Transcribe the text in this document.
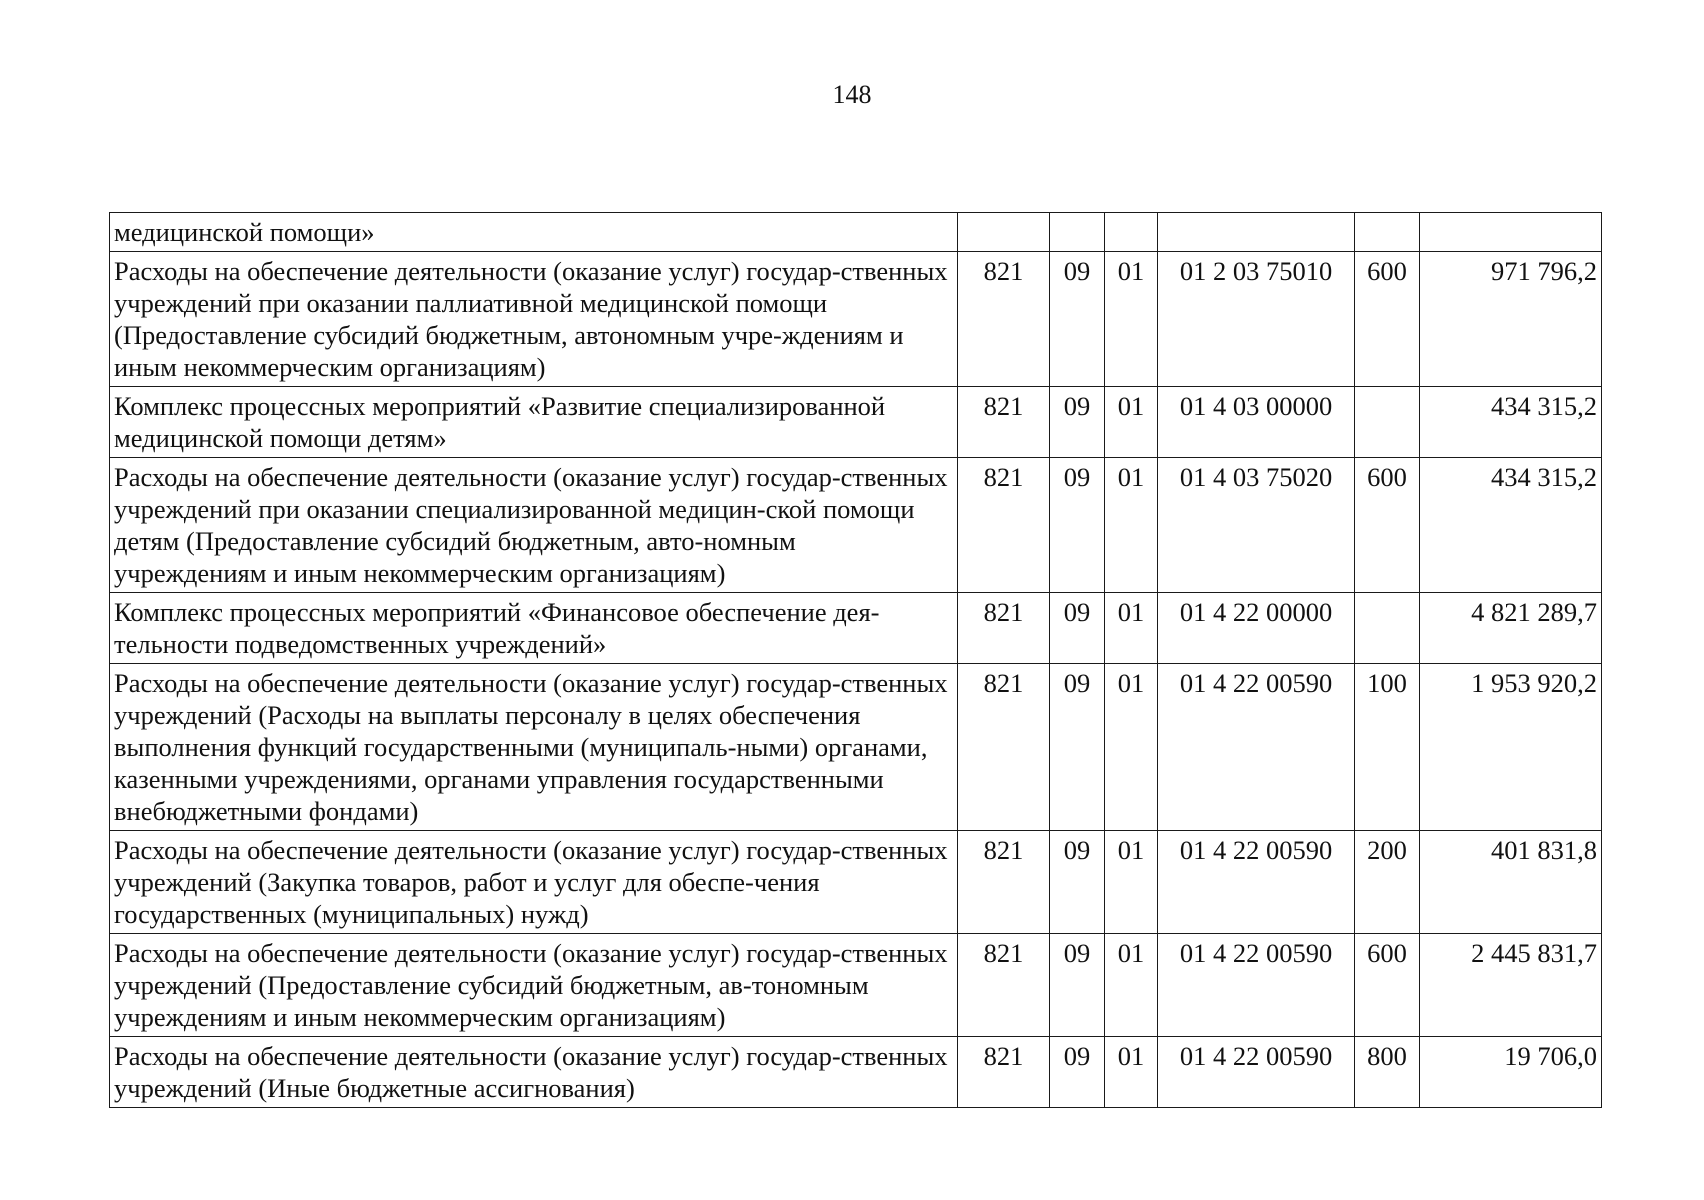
148
медицинской помощи»						
Расходы на обеспечение деятельности (оказание услуг) государ-ственных учреждений при оказании паллиативной медицинской помощи (Предоставление субсидий бюджетным, автономным учре-ждениям и иным некоммерческим организациям)	821	09	01	01 2 03 75010	600	971 796,2
Комплекс процессных мероприятий «Развитие специализированной медицинской помощи детям»	821	09	01	01 4 03 00000		434 315,2
Расходы на обеспечение деятельности (оказание услуг) государ-ственных учреждений при оказании специализированной медицин-ской помощи детям (Предоставление субсидий бюджетным, авто-номным учреждениям и иным некоммерческим организациям)	821	09	01	01 4 03 75020	600	434 315,2
Комплекс процессных мероприятий «Финансовое обеспечение дея-тельности подведомственных учреждений»	821	09	01	01 4 22 00000		4 821 289,7
Расходы на обеспечение деятельности (оказание услуг) государ-ственных учреждений (Расходы на выплаты персоналу в целях обеспечения выполнения функций государственными (муниципаль-ными) органами, казенными учреждениями, органами управления государственными внебюджетными фондами)	821	09	01	01 4 22 00590	100	1 953 920,2
Расходы на обеспечение деятельности (оказание услуг) государ-ственных учреждений (Закупка товаров, работ и услуг для обеспе-чения государственных (муниципальных) нужд)	821	09	01	01 4 22 00590	200	401 831,8
Расходы на обеспечение деятельности (оказание услуг) государ-ственных учреждений (Предоставление субсидий бюджетным, ав-тономным учреждениям и иным некоммерческим организациям)	821	09	01	01 4 22 00590	600	2 445 831,7
Расходы на обеспечение деятельности (оказание услуг) государ-ственных учреждений (Иные бюджетные ассигнования)	821	09	01	01 4 22 00590	800	19 706,0
